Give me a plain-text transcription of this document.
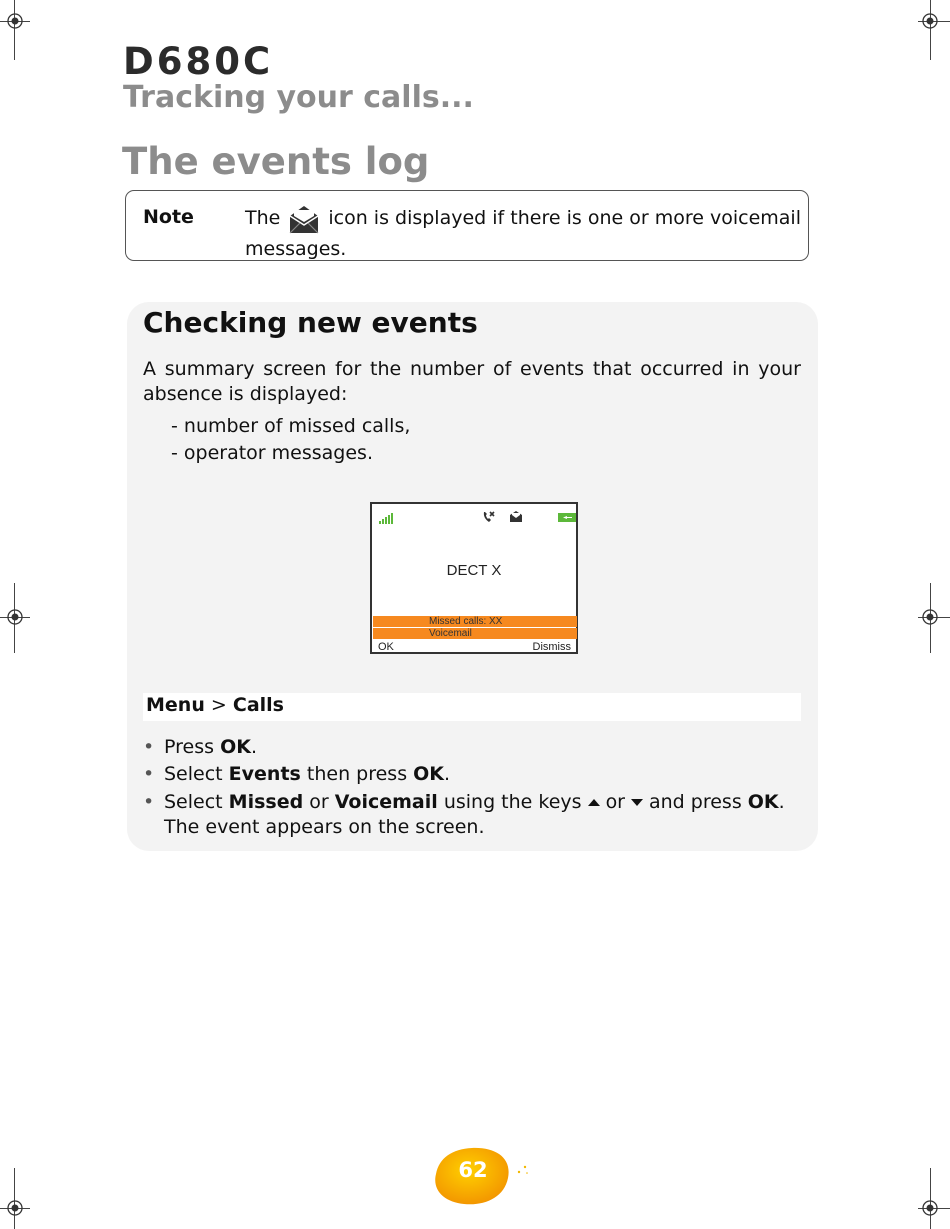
D680C
Tracking your calls...
The events log
Note	The	icon is displayed if there is one or more voicemail messages.
Checking new events

A summary screen for the number of events that occurred in your absence is displayed:

- number of missed calls,
- operator messages.
DECT X
Missed calls: XX
Voicemail
OK	Dismiss
Menu > Calls
• Press OK.
• Select Events then press OK.
• Select Missed or Voicemail using the keys or and press OK. The event appears on the screen.
62
